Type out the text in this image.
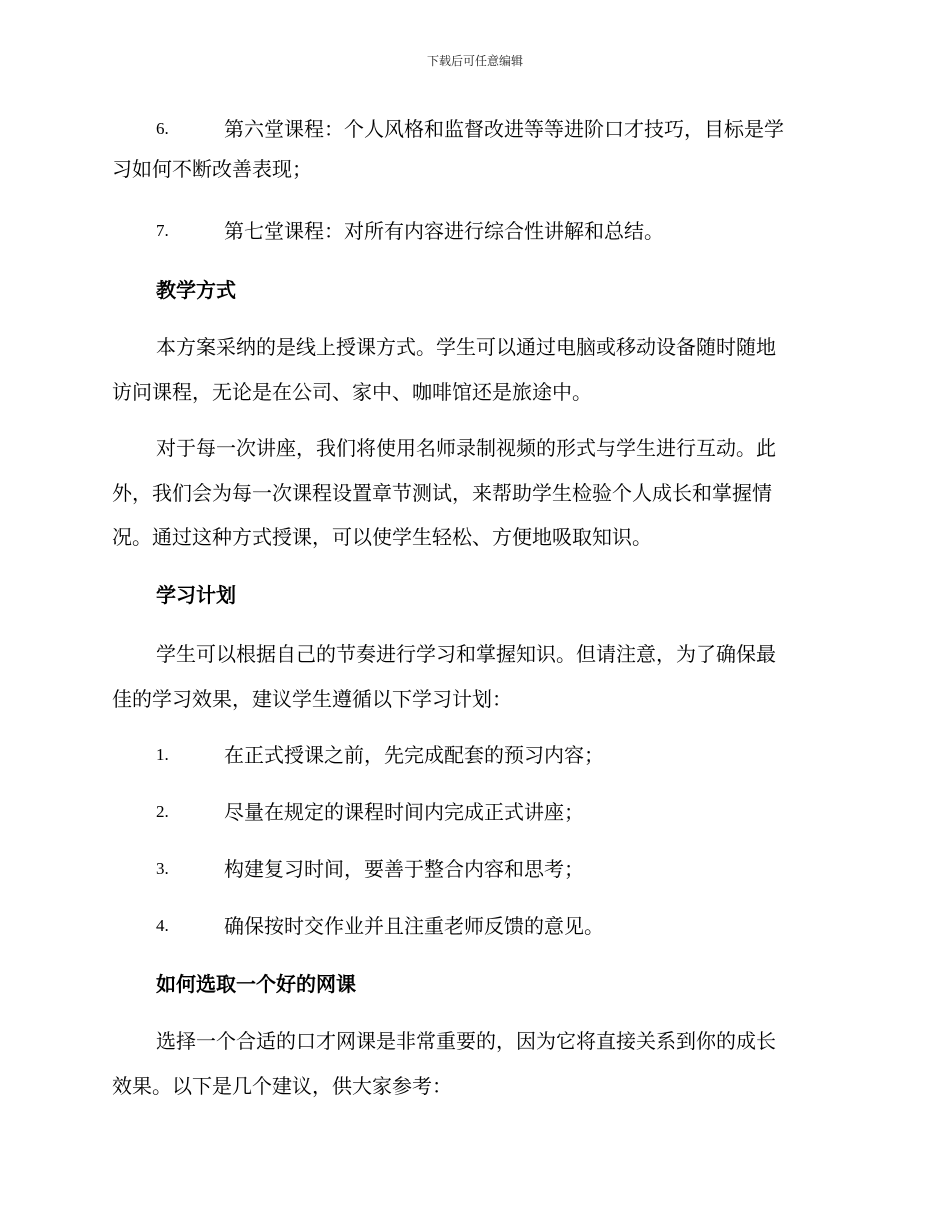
下载后可任意编辑
6.	第六堂课程：个人风格和监督改进等等进阶口才技巧，目标是学
习如何不断改善表现；
7.	第七堂课程：对所有内容进行综合性讲解和总结。
教学方式
本方案采纳的是线上授课方式。学生可以通过电脑或移动设备随时随地
访问课程，无论是在公司、家中、咖啡馆还是旅途中。
对于每一次讲座，我们将使用名师录制视频的形式与学生进行互动。此
外，我们会为每一次课程设置章节测试，来帮助学生检验个人成长和掌握情
况。通过这种方式授课，可以使学生轻松、方便地吸取知识。
学习计划
学生可以根据自己的节奏进行学习和掌握知识。但请注意，为了确保最
佳的学习效果，建议学生遵循以下学习计划：
1.	在正式授课之前，先完成配套的预习内容；
2.	尽量在规定的课程时间内完成正式讲座；
3.	构建复习时间，要善于整合内容和思考；
4.	确保按时交作业并且注重老师反馈的意见。
如何选取一个好的网课
选择一个合适的口才网课是非常重要的，因为它将直接关系到你的成长
效果。以下是几个建议，供大家参考：
